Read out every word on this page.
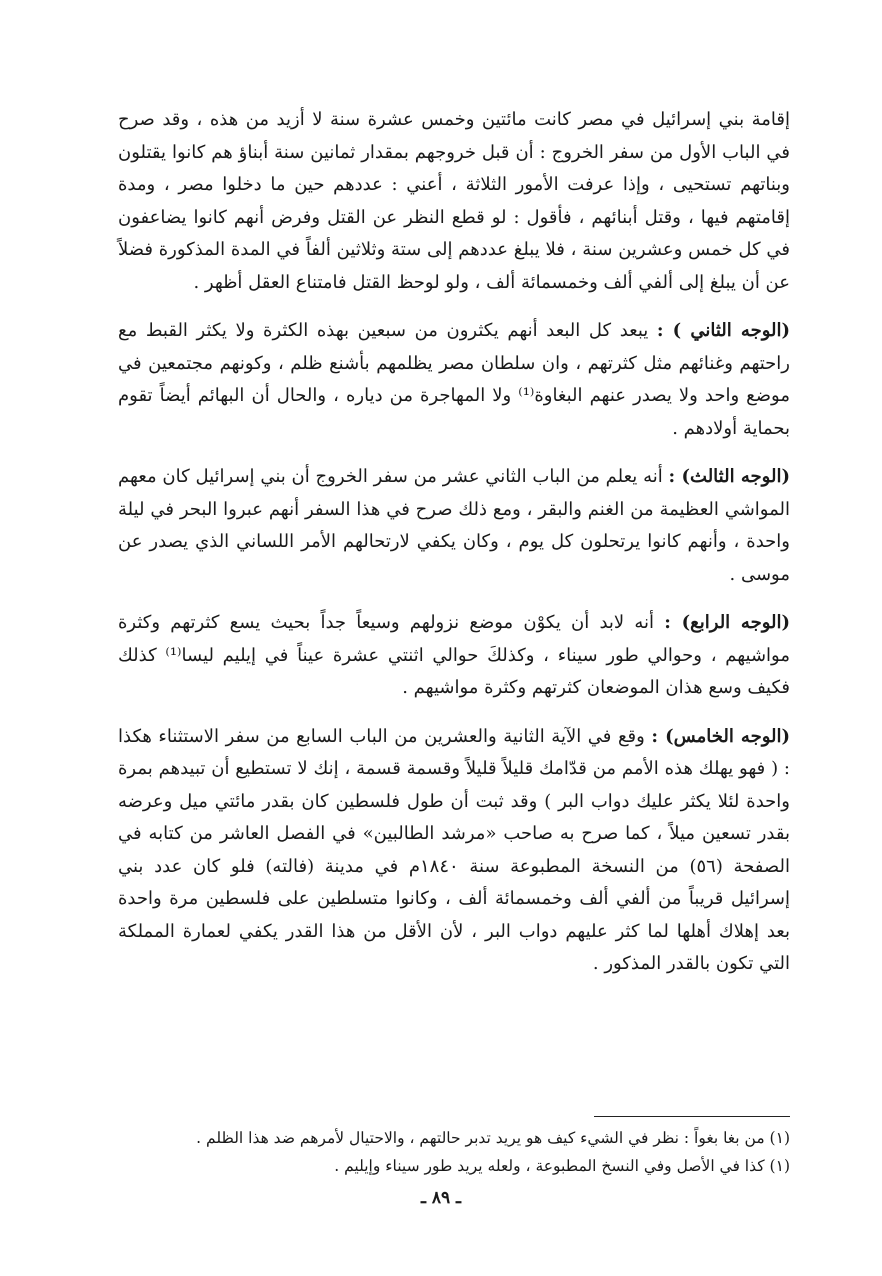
إقامة بني إسرائيل في مصر كانت مائتين وخمس عشرة سنة لا أزيد من هذه ، وقد صرح في الباب الأول من سفر الخروج : أن قبل خروجهم بمقدار ثمانين سنة أبناؤ هم كانوا يقتلون وبناتهم تستحيى ، وإذا عرفت الأمور الثلاثة ، أعني : عددهم حين ما دخلوا مصر ، ومدة إقامتهم فيها ، وقتل أبنائهم ، فأقول : لو قطع النظر عن القتل وفرض أنهم كانوا يضاعفون في كل خمس وعشرين سنة ، فلا يبلغ عددهم إلى ستة وثلاثين ألفاً في المدة المذكورة فضلاً عن أن يبلغ إلى ألفي ألف وخمسمائة ألف ، ولو لوحظ القتل فامتناع العقل أظهر .

(الوجه الثاني ) : يبعد كل البعد أنهم يكثرون من سبعين بهذه الكثرة ولا يكثر القبط مع راحتهم وغنائهم مثل كثرتهم ، وان سلطان مصر يظلمهم بأشنع ظلم ، وكونهم مجتمعين في موضع واحد ولا يصدر عنهم البغاوة⁽¹⁾ ولا المهاجرة من دياره ، والحال أن البهائم أيضاً تقوم بحماية أولادهم .

(الوجه الثالث) : أنه يعلم من الباب الثاني عشر من سفر الخروج أن بني إسرائيل كان معهم المواشي العظيمة من الغنم والبقر ، ومع ذلك صرح في هذا السفر أنهم عبروا البحر في ليلة واحدة ، وأنهم كانوا يرتحلون كل يوم ، وكان يكفي لارتحالهم الأمر اللساني الذي يصدر عن موسى .

(الوجه الرابع) : أنه لابد أن يكوْن موضع نزولهم وسيعاً جداً بحيث يسع كثرتهم وكثرة مواشيهم ، وحوالي طور سيناء ، وكذلكَ حوالي اثنتي عشرة عيناً في إيليم ليسا⁽¹⁾ كذلك فكيف وسع هذان الموضعان كثرتهم وكثرة مواشيهم .

(الوجه الخامس) : وقع في الآية الثانية والعشرين من الباب السابع من سفر الاستثناء هكذا : ( فهو يهلك هذه الأمم من قدّامك قليلاً قليلاً وقسمة قسمة ، إنك لا تستطيع أن تبيدهم بمرة واحدة لئلا يكثر عليك دواب البر ) وقد ثبت أن طول فلسطين كان بقدر مائتي ميل وعرضه بقدر تسعين ميلاً ، كما صرح به صاحب «مرشد الطالبين» في الفصل العاشر من كتابه في الصفحة (٥٦) من النسخة المطبوعة سنة ١٨٤٠م في مدينة (فالته) فلو كان عدد بني إسرائيل قريباً من ألفي ألف وخمسمائة ألف ، وكانوا متسلطين على فلسطين مرة واحدة بعد إهلاك أهلها لما كثر عليهم دواب البر ، لأن الأقل من هذا القدر يكفي لعمارة المملكة التي تكون بالقدر المذكور .

(١) من بغا بغواً : نظر في الشيء كيف هو يريد تدبر حالتهم ، والاحتيال لأمرهم ضد هذا الظلم .

(١) كذا في الأصل وفي النسخ المطبوعة ، ولعله يريد طور سيناء وإيليم .

ـ ٨٩ ـ
